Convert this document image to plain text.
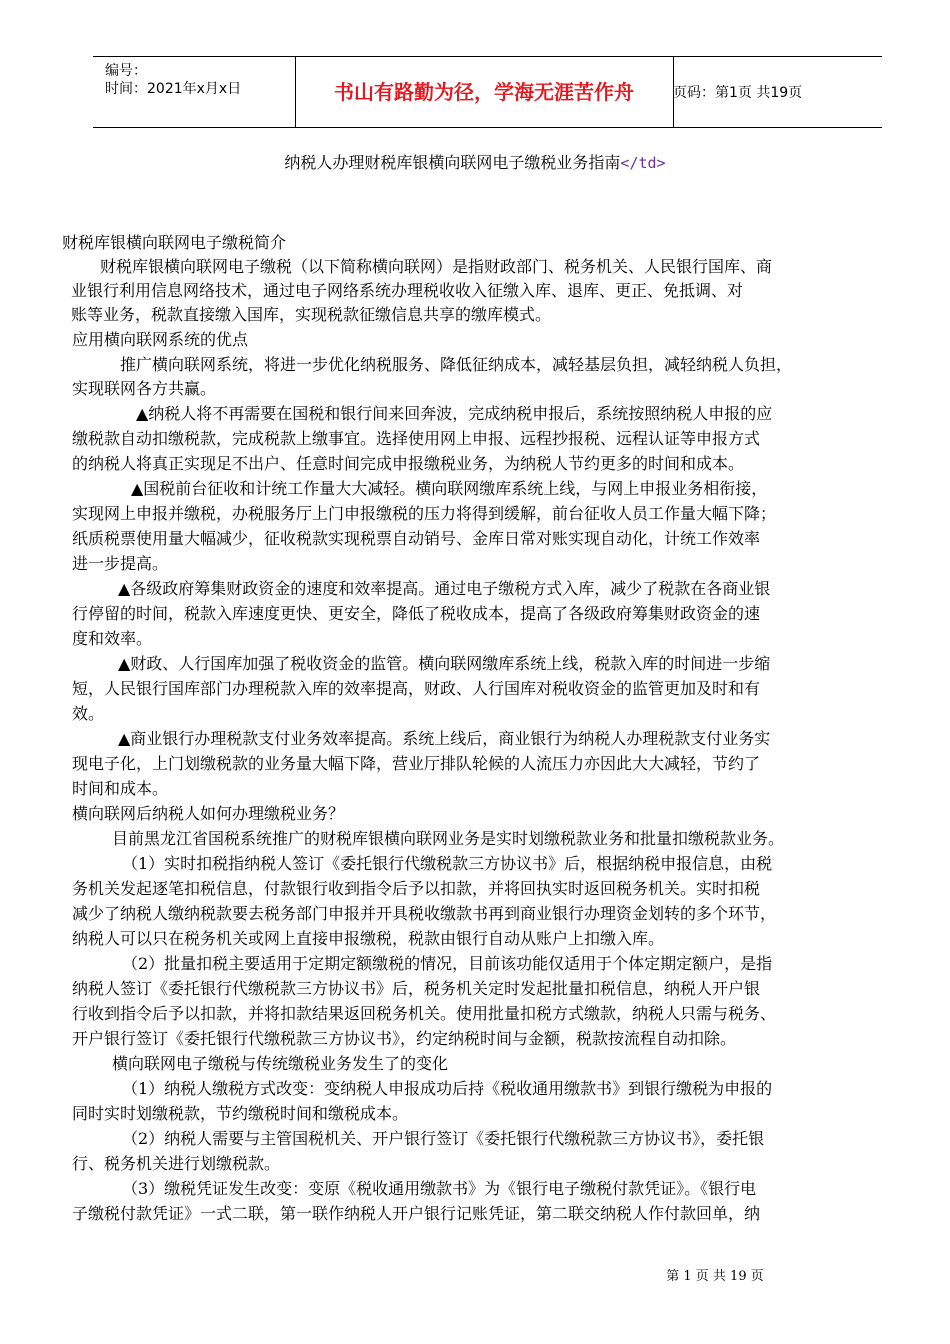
编号：
时间：2021年x月x日	书山有路勤为径，学海无涯苦作舟	页码：第1页 共19页
纳税人办理财税库银横向联网电子缴税业务指南</td>
财税库银横向联网电子缴税简介
财税库银横向联网电子缴税（以下简称横向联网）是指财政部门、税务机关、人民银行国库、商
业银行利用信息网络技术，通过电子网络系统办理税收收入征缴入库、退库、更正、免抵调、对
账等业务，税款直接缴入国库，实现税款征缴信息共享的缴库模式。
应用横向联网系统的优点
推广横向联网系统，将进一步优化纳税服务、降低征纳成本，减轻基层负担，减轻纳税人负担，
实现联网各方共赢。
▲纳税人将不再需要在国税和银行间来回奔波，完成纳税申报后，系统按照纳税人申报的应
缴税款自动扣缴税款，完成税款上缴事宜。选择使用网上申报、远程抄报税、远程认证等申报方式
的纳税人将真正实现足不出户、任意时间完成申报缴税业务，为纳税人节约更多的时间和成本。
▲国税前台征收和计统工作量大大减轻。横向联网缴库系统上线，与网上申报业务相衔接，
实现网上申报并缴税，办税服务厅上门申报缴税的压力将得到缓解，前台征收人员工作量大幅下降；
纸质税票使用量大幅减少，征收税款实现税票自动销号、金库日常对账实现自动化，计统工作效率
进一步提高。
▲各级政府筹集财政资金的速度和效率提高。通过电子缴税方式入库，减少了税款在各商业银
行停留的时间，税款入库速度更快、更安全，降低了税收成本，提高了各级政府筹集财政资金的速
度和效率。
▲财政、人行国库加强了税收资金的监管。横向联网缴库系统上线，税款入库的时间进一步缩
短，人民银行国库部门办理税款入库的效率提高，财政、人行国库对税收资金的监管更加及时和有
效。
▲商业银行办理税款支付业务效率提高。系统上线后，商业银行为纳税人办理税款支付业务实
现电子化，上门划缴税款的业务量大幅下降，营业厅排队轮候的人流压力亦因此大大减轻，节约了
时间和成本。
横向联网后纳税人如何办理缴税业务？
目前黑龙江省国税系统推广的财税库银横向联网业务是实时划缴税款业务和批量扣缴税款业务。
（1）实时扣税指纳税人签订《委托银行代缴税款三方协议书》后，根据纳税申报信息，由税
务机关发起逐笔扣税信息，付款银行收到指令后予以扣款，并将回执实时返回税务机关。实时扣税
减少了纳税人缴纳税款要去税务部门申报并开具税收缴款书再到商业银行办理资金划转的多个环节，
纳税人可以只在税务机关或网上直接申报缴税，税款由银行自动从账户上扣缴入库。
（2）批量扣税主要适用于定期定额缴税的情况，目前该功能仅适用于个体定期定额户，是指
纳税人签订《委托银行代缴税款三方协议书》后，税务机关定时发起批量扣税信息，纳税人开户银
行收到指令后予以扣款，并将扣款结果返回税务机关。使用批量扣税方式缴款，纳税人只需与税务、
开户银行签订《委托银行代缴税款三方协议书》，约定纳税时间与金额，税款按流程自动扣除。
横向联网电子缴税与传统缴税业务发生了的变化
（1）纳税人缴税方式改变：变纳税人申报成功后持《税收通用缴款书》到银行缴税为申报的
同时实时划缴税款，节约缴税时间和缴税成本。
（2）纳税人需要与主管国税机关、开户银行签订《委托银行代缴税款三方协议书》，委托银
行、税务机关进行划缴税款。
（3）缴税凭证发生改变：变原《税收通用缴款书》为《银行电子缴税付款凭证》。《银行电
子缴税付款凭证》一式二联，第一联作纳税人开户银行记账凭证，第二联交纳税人作付款回单，纳
第 1 页 共 19 页
